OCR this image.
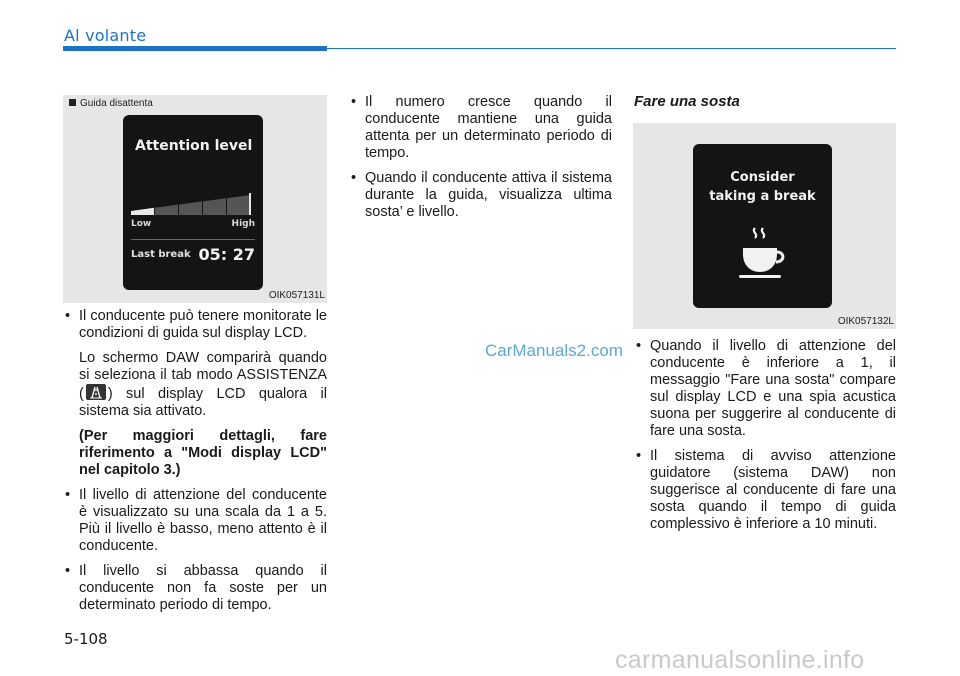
Al volante
Guida disattenta
Attention level
Low	High
Last break 05: 27
OIK057131L
• Il conducente può tenere monitorate le condizioni di guida sul display LCD.
Lo schermo DAW comparirà quando si seleziona il tab modo ASSISTENZA ( ) sul display LCD qualora il sistema sia attivato.
(Per maggiori dettagli, fare riferimento a "Modi display LCD" nel capitolo 3.)
• Il livello di attenzione del conducente è visualizzato su una scala da 1 a 5. Più il livello è basso, meno attento è il conducente.
• Il livello si abbassa quando il conducente non fa soste per un determinato periodo di tempo.
• Il numero cresce quando il conducente mantiene una guida attenta per un determinato periodo di tempo.
• Quando il conducente attiva il sistema durante la guida, visualizza ultima sosta’ e livello.
Fare una sosta
Consider
taking a break
OIK057132L
• Quando il livello di attenzione del conducente è inferiore a 1, il messaggio "Fare una sosta" compare sul display LCD e una spia acustica suona per suggerire al conducente di fare una sosta.
• Il sistema di avviso attenzione guidatore (sistema DAW) non suggerisce al conducente di fare una sosta quando il tempo di guida complessivo è inferiore a 10 minuti.
CarManuals2.com
5-108
carmanualsonline.info
